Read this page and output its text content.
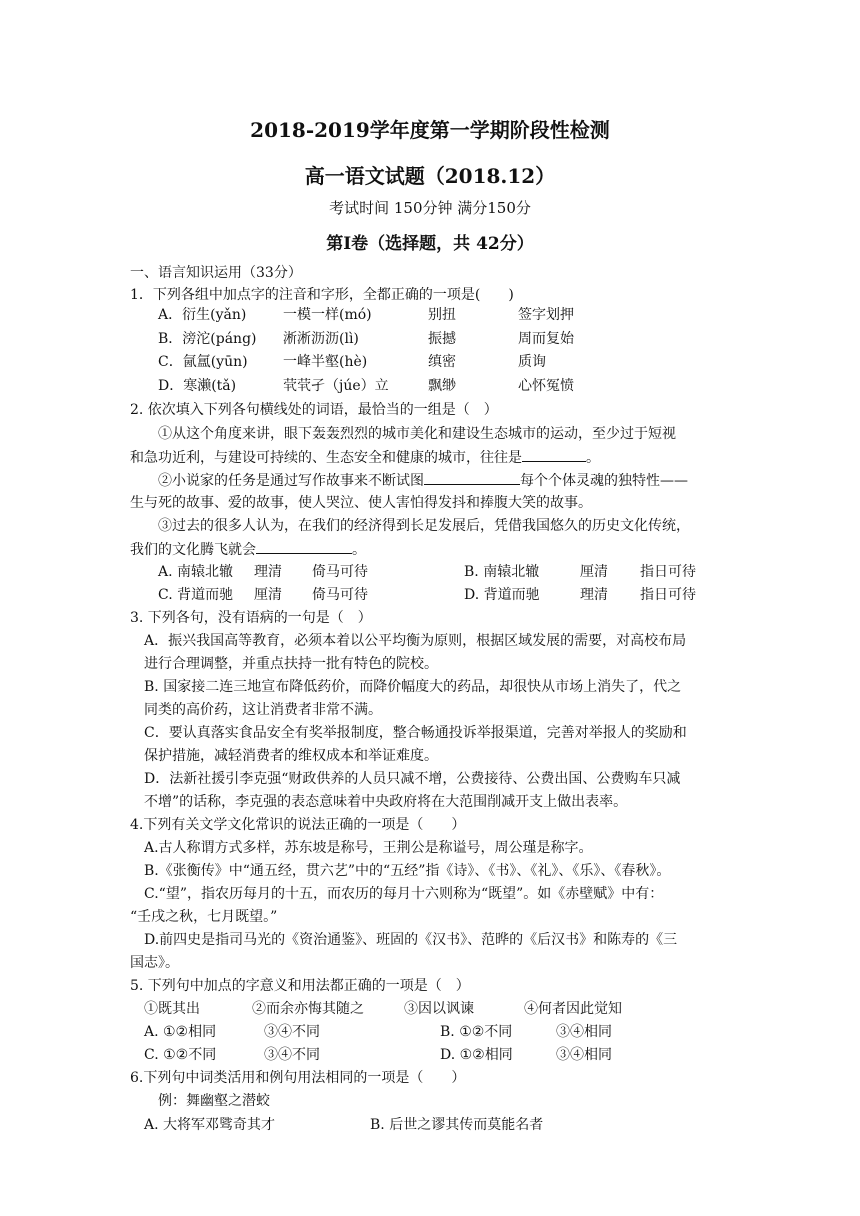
2018-2019学年度第一学期阶段性检测
高一语文试题（2018.12）
考试时间 150分钟 满分150分
第Ⅰ卷（选择题，共 42分）
一、语言知识运用（33分）
1．下列各组中加点字的注音和字形，全都正确的一项是(　　)
A．衍生(yǎn)	一模一样(mó)	别扭	签字划押
B．滂沱(páng) 淅淅沥沥(lì)	振撼	周而复始
C．氤氲(yūn)	一峰半壑(hè)	缜密	质询
D．寒濑(tǎ)	茕茕孑（júe）立	飘缈	心怀冤愤
2. 依次填入下列各句横线处的词语，最恰当的一组是（　）
①从这个角度来讲，眼下轰轰烈烈的城市美化和建设生态城市的运动，至少过于短视
和急功近利，与建设可持续的、生态安全和健康的城市，往往是	。
②小说家的任务是通过写作故事来不断试图	每个个体灵魂的独特性——
生与死的故事、爱的故事，使人哭泣、使人害怕得发抖和捧腹大笑的故事。
③过去的很多人认为，在我们的经济得到长足发展后，凭借我国悠久的历史文化传统，
我们的文化腾飞就会	。
A. 南辕北辙 理清 倚马可待	B. 南辕北辙	厘清 指日可待
C. 背道而驰 厘清 倚马可待	D. 背道而驰	理清 指日可待
3. 下列各句，没有语病的一句是（　）
A．振兴我国高等教育，必须本着以公平均衡为原则，根据区域发展的需要，对高校布局
进行合理调整，并重点扶持一批有特色的院校。
B. 国家接二连三地宣布降低药价，而降价幅度大的药品，却很快从市场上消失了，代之
同类的高价药，这让消费者非常不满。
C．要认真落实食品安全有奖举报制度，整合畅通投诉举报渠道，完善对举报人的奖励和
保护措施，减轻消费者的维权成本和举证难度。
D．法新社援引李克强“财政供养的人员只减不增，公费接待、公费出国、公费购车只减
不增”的话称，李克强的表态意味着中央政府将在大范围削减开支上做出表率。
4.下列有关文学文化常识的说法正确的一项是（　　）
A.古人称谓方式多样，苏东坡是称号，王荆公是称谥号，周公瑾是称字。
B.《张衡传》中“通五经，贯六艺”中的“五经”指《诗》、《书》、《礼》、《乐》、《春秋》。
C.“望”，指农历每月的十五，而农历的每月十六则称为“既望”。如《赤壁赋》中有：
“壬戌之秋，七月既望。”
D.前四史是指司马光的《资治通鉴》、班固的《汉书》、范晔的《后汉书》和陈寿的《三
国志》。
5. 下列句中加点的字意义和用法都正确的一项是（　）
①既其出	②而余亦悔其随之	③因以讽谏	④何者因此觉知
A. ①②相同	③④不同	B. ①②不同	③④相同
C. ①②不同	③④不同	D. ①②相同	③④相同
6.下列句中词类活用和例句用法相同的一项是（　　）
例：舞幽壑之潜蛟
A. 大将军邓骘奇其才	B. 后世之谬其传而莫能名者
